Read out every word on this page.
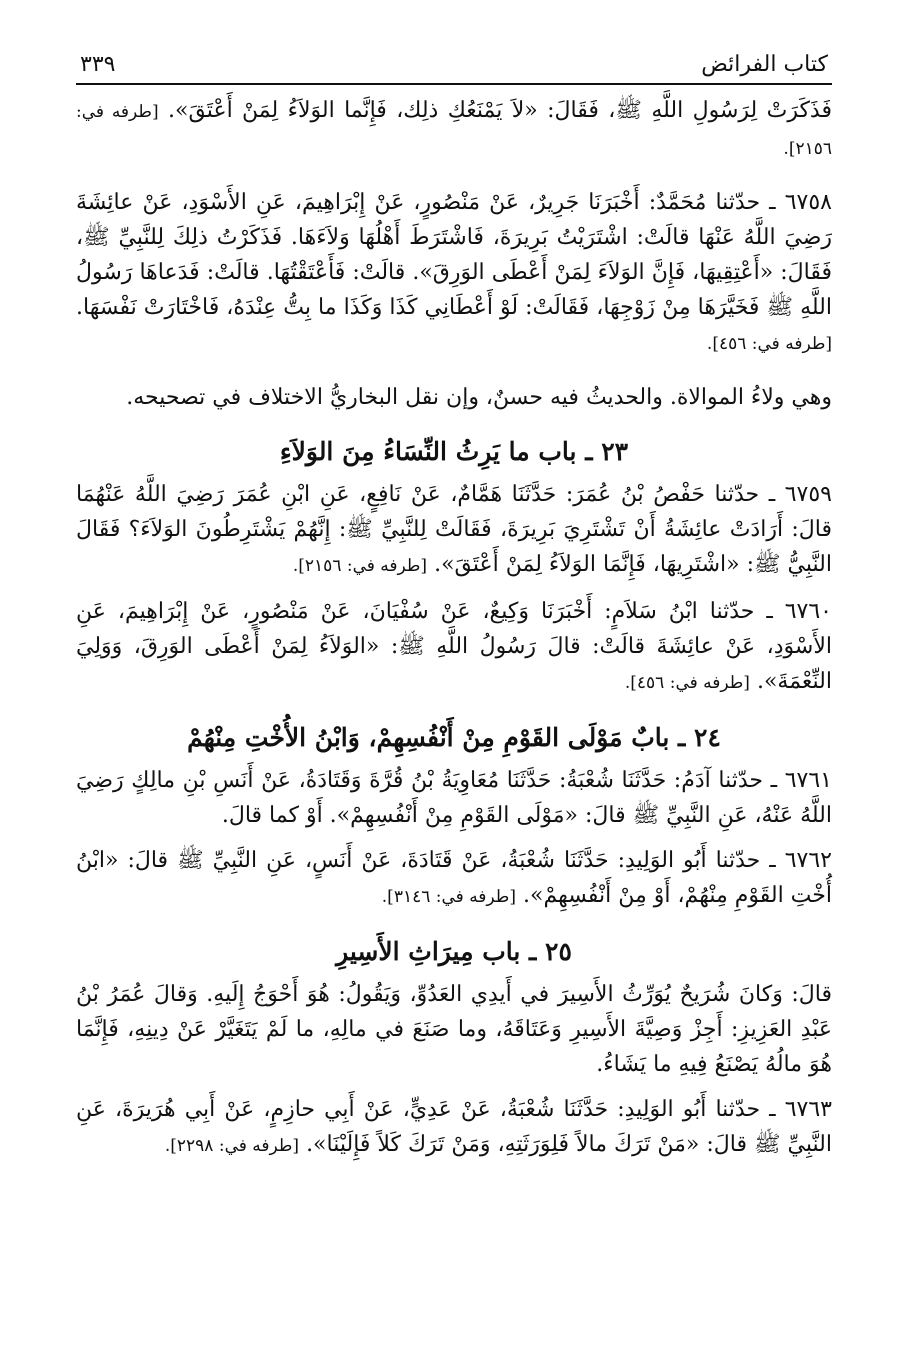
كتاب الفرائض
٣٣٩

فَذَكَرَتْ لِرَسُولِ اللَّهِ ﷺ، فَقَالَ: «لاَ يَمْنَعُكِ ذلِك، فَإِنَّما الوَلاَءُ لِمَنْ أَعْتَقَ». [طرفه في: ٢١٥٦].

٦٧٥٨ ـ حدّثنا مُحَمَّدٌ: أَخْبَرَنَا جَرِيرٌ، عَنْ مَنْصُورٍ، عَنْ إِبْرَاهِيمَ، عَنِ الأَسْوَدِ، عَنْ عائِشَةَ رَضِيَ اللَّهُ عَنْهَا قالَتْ: اشْتَرَيْتُ بَرِيرَةَ، فَاشْتَرَطَ أَهْلُهَا وَلاَءَهَا. فَذَكَرْتُ ذلِكَ لِلنَّبِيِّ ﷺ، فَقَالَ: «أَعْتِقِيهَا، فَإِنَّ الوَلاَءَ لِمَنْ أَعْطَى الوَرِقَ». قالَتْ: فَأَعْتَقْتُهَا. قالَتْ: فَدَعاهَا رَسُولُ اللَّهِ ﷺ فَخَيَّرَهَا مِنْ زَوْجِهَا، فَقَالَتْ: لَوْ أَعْطَانِي كَذَا وَكَذَا ما بِتُّ عِنْدَهُ، فَاخْتَارَتْ نَفْسَهَا. [طرفه في: ٤٥٦].

وهي ولاءُ الموالاة. والحديثُ فيه حسنٌ، وإن نقل البخاريُّ الاختلاف في تصحيحه.

٢٣ ـ باب ما يَرِثُ النِّسَاءُ مِنَ الوَلاَءِ

٦٧٥٩ ـ حدّثنا حَفْصُ بْنُ عُمَرَ: حَدَّثَنَا هَمَّامٌ، عَنْ نَافِعٍ، عَنِ ابْنِ عُمَرَ رَضِيَ اللَّهُ عَنْهُمَا قالَ: أَرَادَتْ عائِشَةُ أَنْ تَشْتَرِيَ بَرِيرَةَ، فَقَالَتْ لِلنَّبِيِّ ﷺ: إِنَّهُمْ يَشْتَرِطُونَ الوَلاَءَ؟ فَقَالَ النَّبِيُّ ﷺ: «اشْتَرِيهَا، فَإِنَّمَا الوَلاَءُ لِمَنْ أَعْتَقَ». [طرفه في: ٢١٥٦].

٦٧٦٠ ـ حدّثنا ابْنُ سَلاَمٍ: أَخْبَرَنَا وَكِيعٌ، عَنْ سُفْيَانَ، عَنْ مَنْصُورٍ، عَنْ إِبْرَاهِيمَ، عَنِ الأَسْوَدِ، عَنْ عائِشَةَ قالَتْ: قالَ رَسُولُ اللَّهِ ﷺ: «الوَلاَءُ لِمَنْ أَعْطَى الوَرِقَ، وَوَلِيَ النِّعْمَةَ». [طرفه في: ٤٥٦].

٢٤ ـ بابٌ مَوْلَى القَوْمِ مِنْ أَنْفُسِهِمْ، وَابْنُ الأُخْتِ مِنْهُمْ

٦٧٦١ ـ حدّثنا آدَمُ: حَدَّثَنَا شُعْبَةُ: حَدَّثَنَا مُعَاوِيَةُ بْنُ قُرَّةَ وَقَتَادَةُ، عَنْ أَنَسِ بْنِ مالِكٍ رَضِيَ اللَّهُ عَنْهُ، عَنِ النَّبِيِّ ﷺ قالَ: «مَوْلَى القَوْمِ مِنْ أَنْفُسِهِمْ». أَوْ كما قالَ.

٦٧٦٢ ـ حدّثنا أَبُو الوَلِيدِ: حَدَّثَنَا شُعْبَةُ، عَنْ قَتَادَةَ، عَنْ أَنَسٍ، عَنِ النَّبِيِّ ﷺ قالَ: «ابْنُ أُخْتِ القَوْمِ مِنْهُمْ، أَوْ مِنْ أَنْفُسِهِمْ». [طرفه في: ٣١٤٦].

٢٥ ـ باب مِيرَاثِ الأَسِيرِ

قالَ: وَكانَ شُرَيحٌ يُوَرِّثُ الأَسِيرَ في أَيدِي العَدُوِّ، وَيَقُولُ: هُوَ أَحْوَجُ إِلَيهِ. وَقالَ عُمَرُ بْنُ عَبْدِ العَزِيزِ: أَجِزْ وَصِيَّةَ الأَسِيرِ وَعَتَاقَهُ، وما صَنَعَ في مالِهِ، ما لَمْ يَتَغَيَّرْ عَنْ دِينِهِ، فَإِنَّمَا هُوَ مالُهُ يَصْنَعُ فِيهِ ما يَشَاءُ.

٦٧٦٣ ـ حدّثنا أَبُو الوَلِيدِ: حَدَّثَنَا شُعْبَةُ، عَنْ عَدِيٍّ، عَنْ أَبِي حازِمٍ، عَنْ أَبِي هُرَيرَةَ، عَنِ النَّبِيِّ ﷺ قالَ: «مَنْ تَرَكَ مالاً فَلِوَرَثَتِهِ، وَمَنْ تَرَكَ كَلاً فَإِلَيْنَا». [طرفه في: ٢٢٩٨].
